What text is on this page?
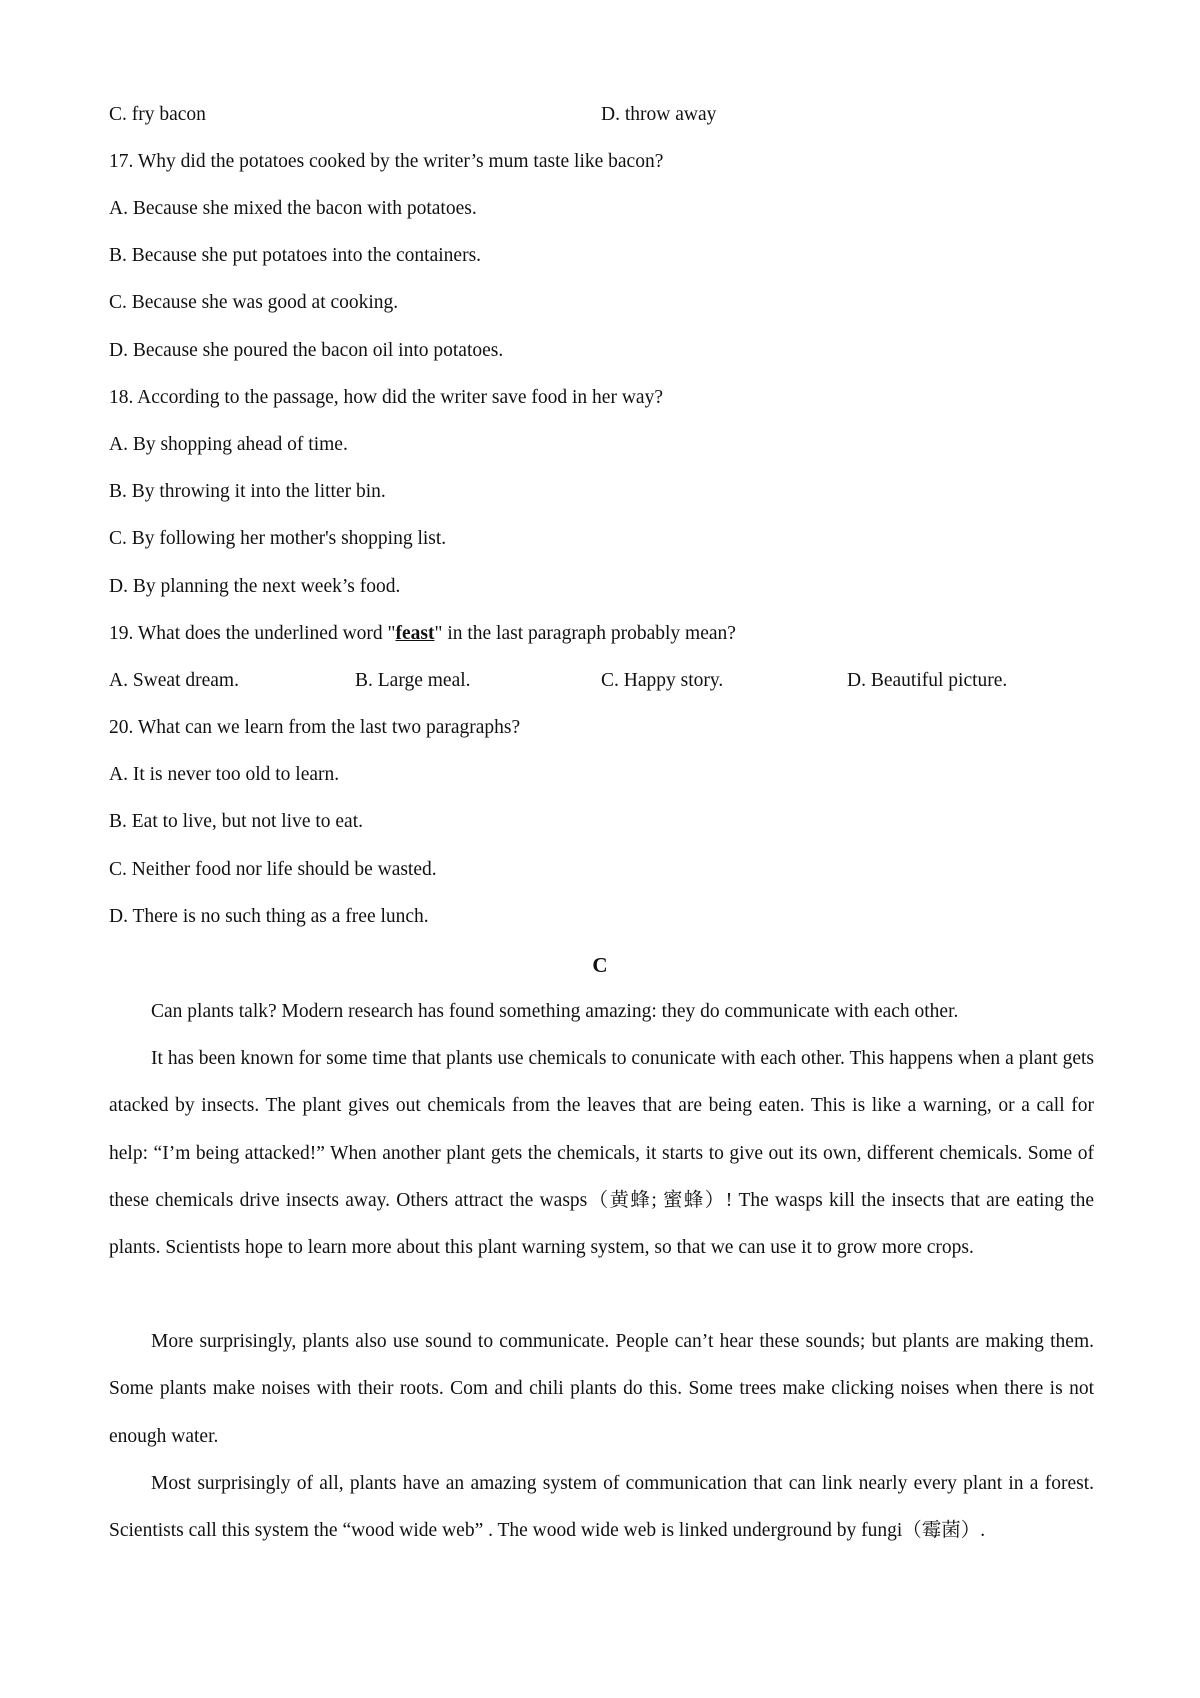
C. fry bacon	D. throw away
17. Why did the potatoes cooked by the writer’s mum taste like bacon?
A. Because she mixed the bacon with potatoes.
B. Because she put potatoes into the containers.
C. Because she was good at cooking.
D. Because she poured the bacon oil into potatoes.
18. According to the passage, how did the writer save food in her way?
A. By shopping ahead of time.
B. By throwing it into the litter bin.
C. By following her mother's shopping list.
D. By planning the next week’s food.
19. What does the underlined word "feast" in the last paragraph probably mean?
A. Sweat dream.	B. Large meal.	C. Happy story.	D. Beautiful picture.
20. What can we learn from the last two paragraphs?
A. It is never too old to learn.
B. Eat to live, but not live to eat.
C. Neither food nor life should be wasted.
D. There is no such thing as a free lunch.
C
Can plants talk? Modern research has found something amazing: they do communicate with each other.
It has been known for some time that plants use chemicals to conunicate with each other. This happens when a plant gets atacked by insects. The plant gives out chemicals from the leaves that are being eaten. This is like a warning, or a call for help: “I’m being attacked!” When another plant gets the chemicals, it starts to give out its own, different chemicals. Some of these chemicals drive insects away. Others attract the wasps（黄蜂; 蜜蜂）! The wasps kill the insects that are eating the plants. Scientists hope to learn more about this plant warning system, so that we can use it to grow more crops.
More surprisingly, plants also use sound to communicate. People can’t hear these sounds; but plants are making them. Some plants make noises with their roots. Com and chili plants do this. Some trees make clicking noises when there is not enough water.
Most surprisingly of all, plants have an amazing system of communication that can link nearly every plant in a forest. Scientists call this system the “wood wide web” . The wood wide web is linked underground by fungi（霉菌）.
